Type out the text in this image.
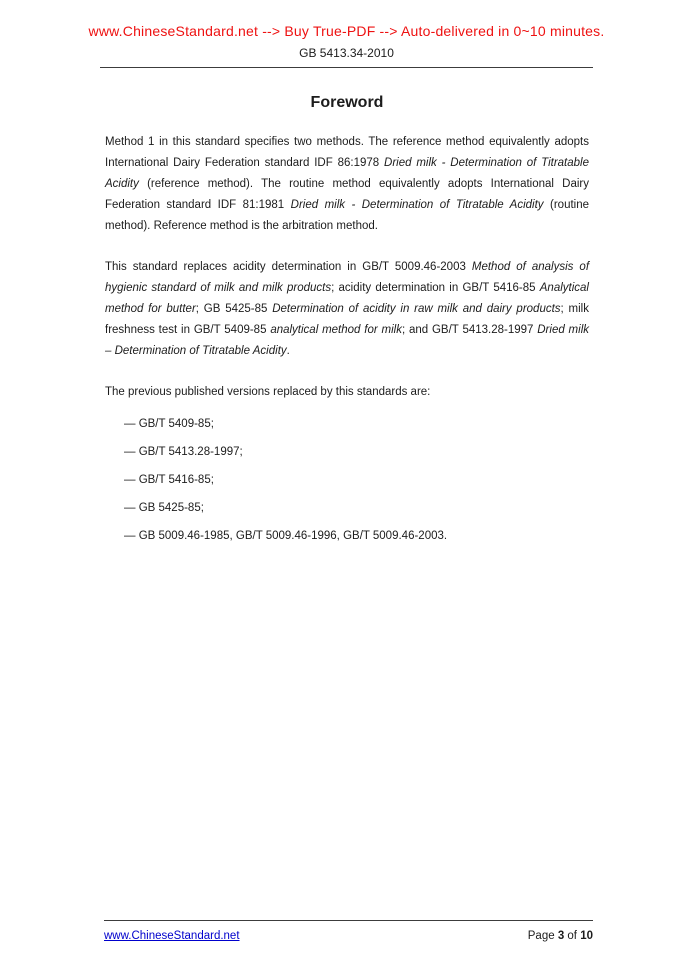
www.ChineseStandard.net --> Buy True-PDF --> Auto-delivered in 0~10 minutes.
GB 5413.34-2010
Foreword

Method 1 in this standard specifies two methods. The reference method equivalently adopts International Dairy Federation standard IDF 86:1978 Dried milk - Determination of Titratable Acidity (reference method). The routine method equivalently adopts International Dairy Federation standard IDF 81:1981 Dried milk - Determination of Titratable Acidity (routine method). Reference method is the arbitration method.

This standard replaces acidity determination in GB/T 5009.46-2003 Method of analysis of hygienic standard of milk and milk products; acidity determination in GB/T 5416-85 Analytical method for butter; GB 5425-85 Determination of acidity in raw milk and dairy products; milk freshness test in GB/T 5409-85 analytical method for milk; and GB/T 5413.28-1997 Dried milk – Determination of Titratable Acidity.

The previous published versions replaced by this standards are:

— GB/T 5409-85;
— GB/T 5413.28-1997;
— GB/T 5416-85;
— GB 5425-85;
— GB 5009.46-1985, GB/T 5009.46-1996, GB/T 5009.46-2003.
www.ChineseStandard.net	Page 3 of 10
